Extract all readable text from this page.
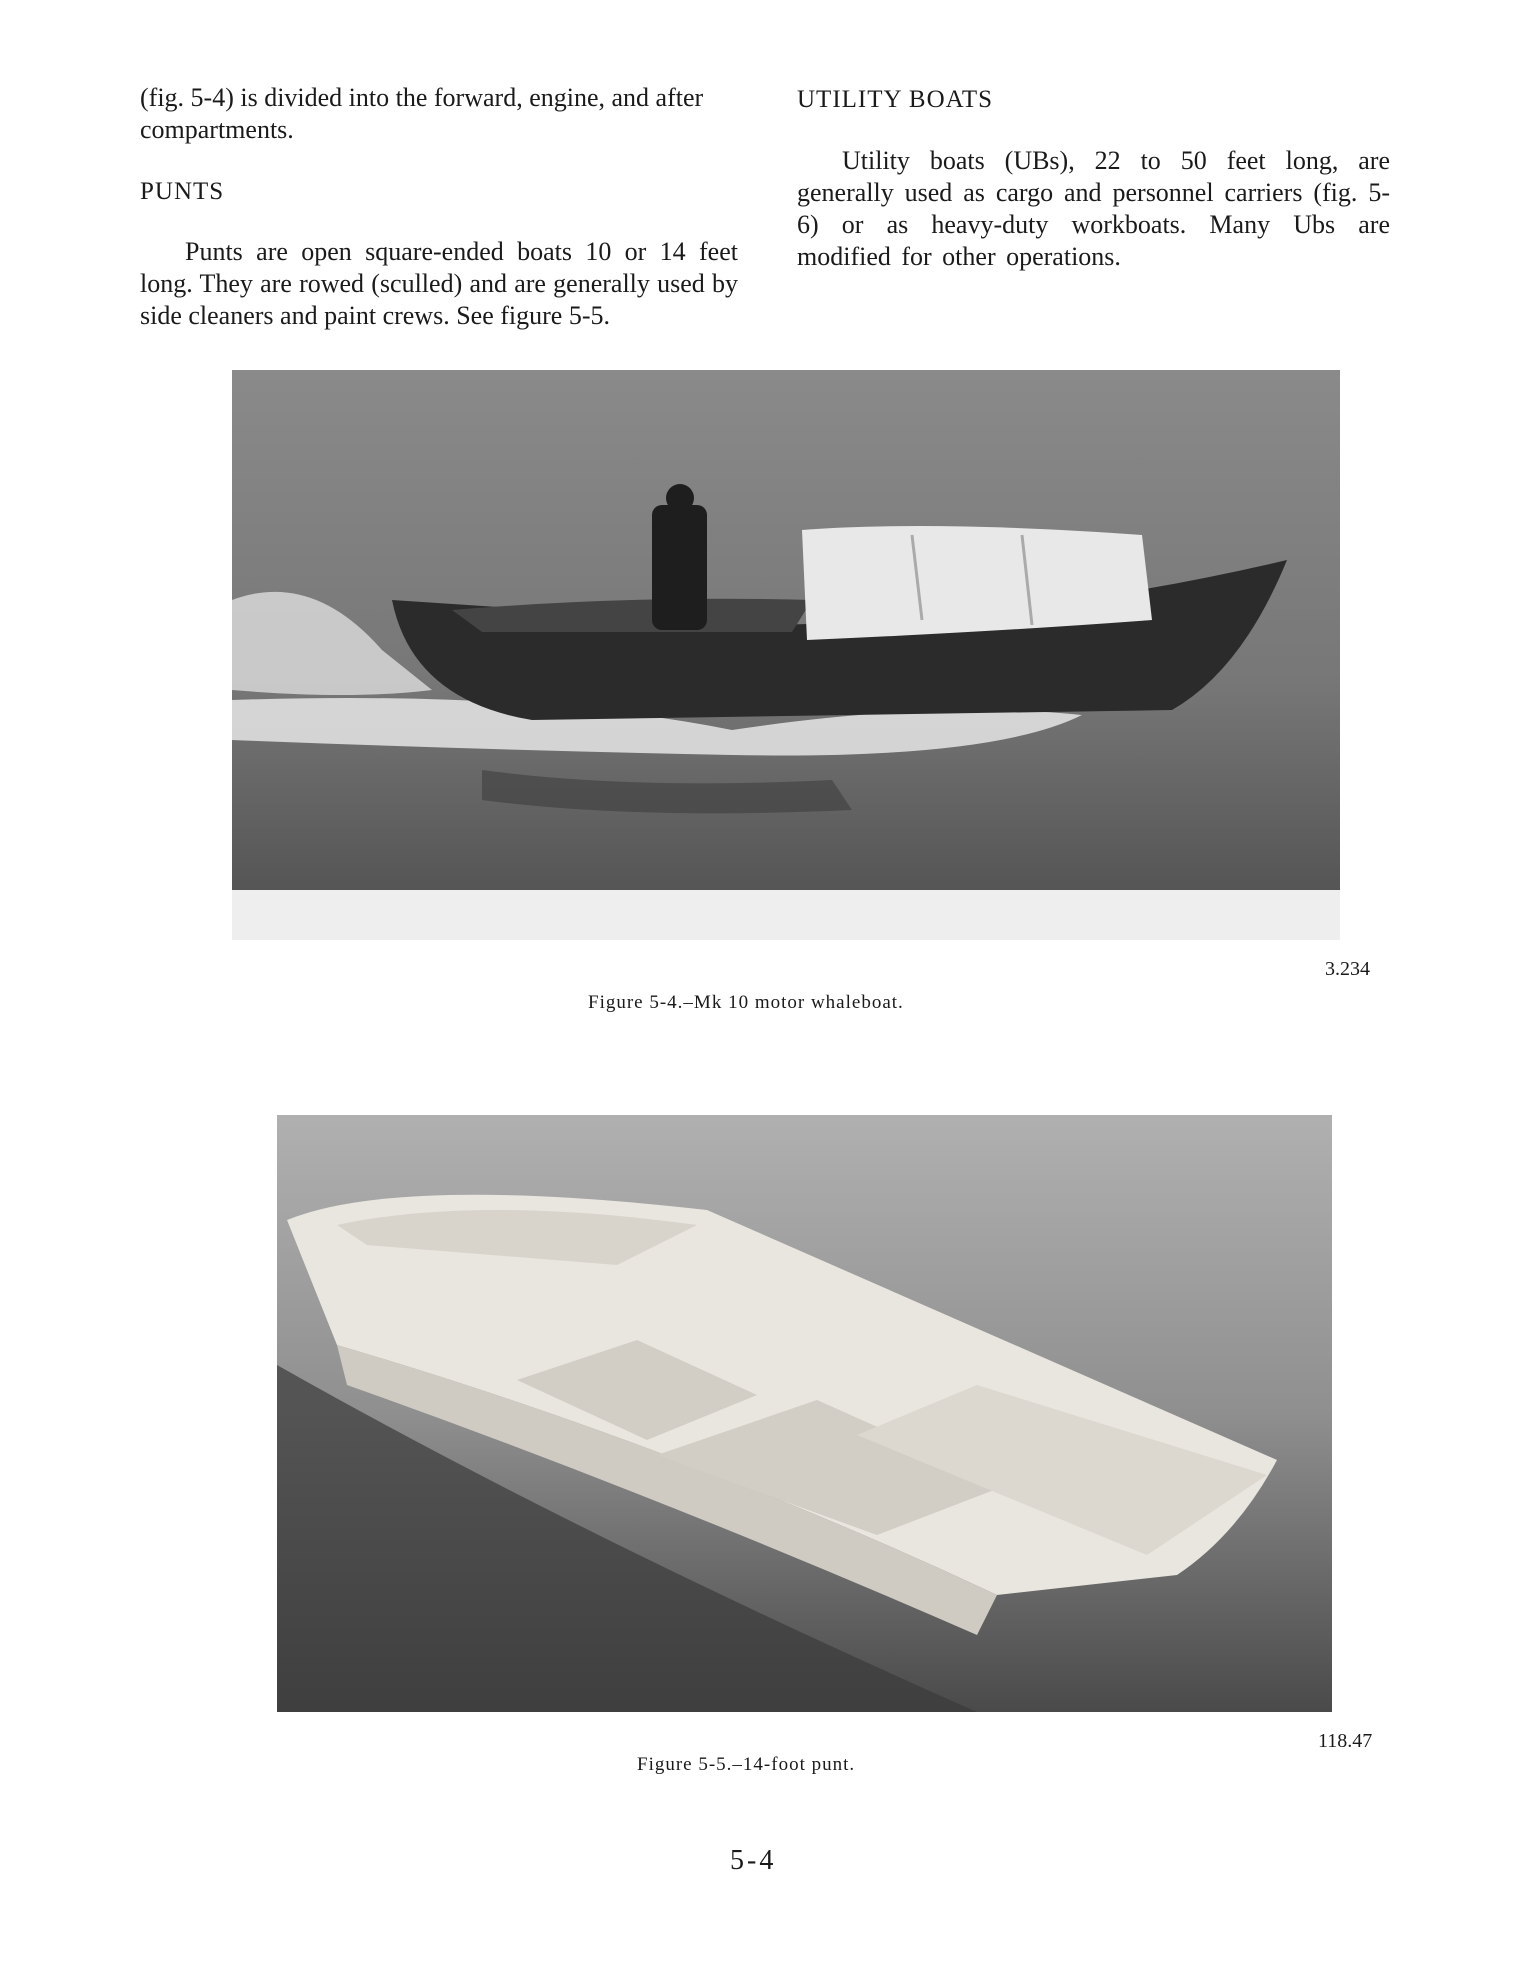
(fig. 5-4) is divided into the forward, engine, and after compartments.

PUNTS

Punts are open square-ended boats 10 or 14 feet long. They are rowed (sculled) and are generally used by side cleaners and paint crews. See figure 5-5.

UTILITY BOATS

Utility boats (UBs), 22 to 50 feet long, are generally used as cargo and personnel carriers (fig. 5-6) or as heavy-duty workboats. Many Ubs are modified for other operations.

3.234
Figure 5-4.–Mk 10 motor whaleboat.
118.47
Figure 5-5.–14-foot punt.
5-4
